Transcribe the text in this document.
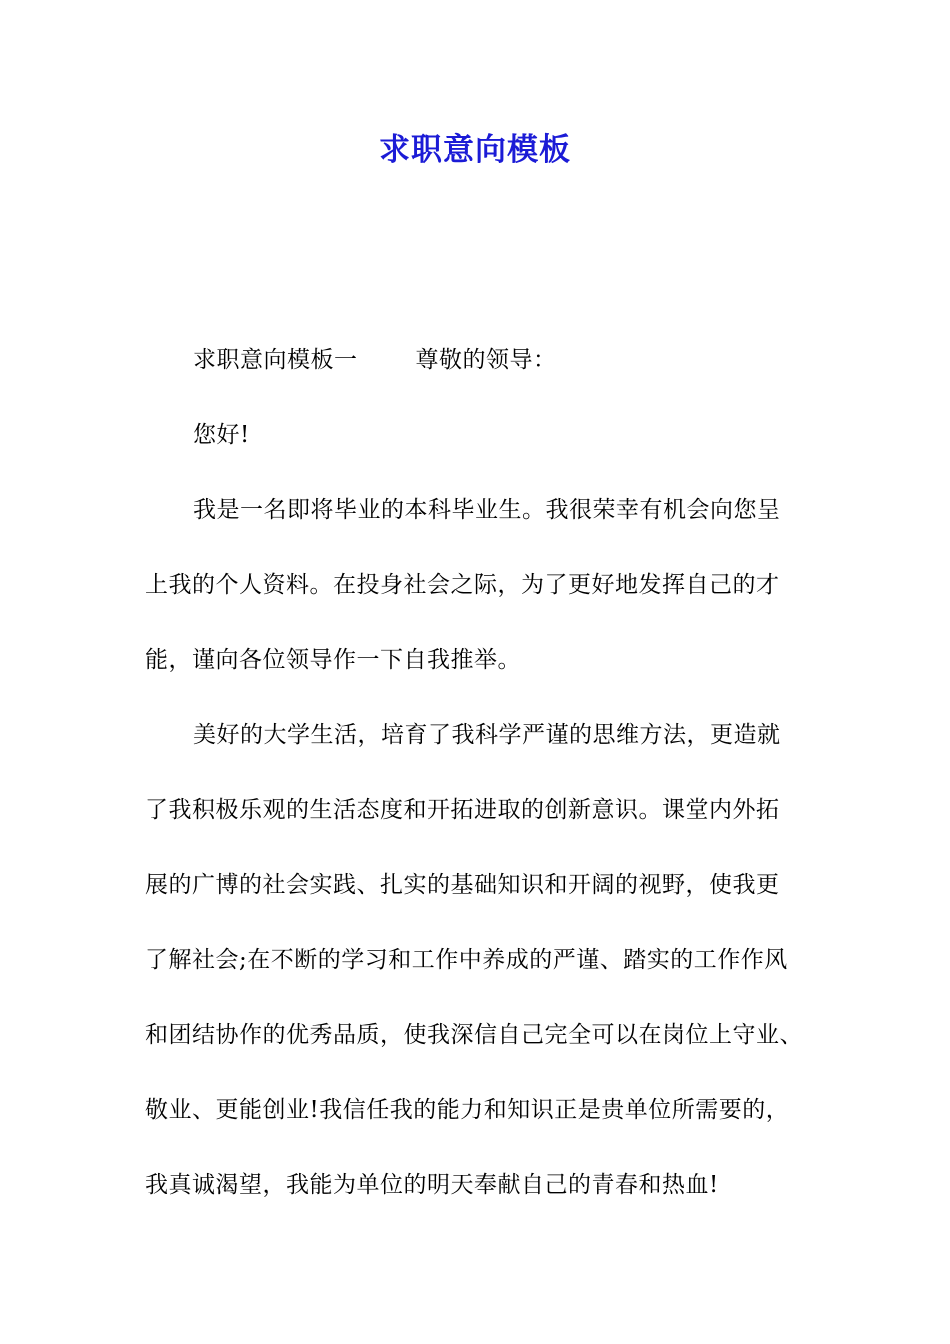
求职意向模板
求职意向模板一	尊敬的领导：
您好!
我是一名即将毕业的本科毕业生。我很荣幸有机会向您呈
上我的个人资料。在投身社会之际，为了更好地发挥自己的才
能，谨向各位领导作一下自我推举。
美好的大学生活，培育了我科学严谨的思维方法，更造就
了我积极乐观的生活态度和开拓进取的创新意识。课堂内外拓
展的广博的社会实践、扎实的基础知识和开阔的视野，使我更
了解社会;在不断的学习和工作中养成的严谨、踏实的工作作风
和团结协作的优秀品质，使我深信自己完全可以在岗位上守业、
敬业、更能创业!我信任我的能力和知识正是贵单位所需要的，
我真诚渴望，我能为单位的明天奉献自己的青春和热血!
